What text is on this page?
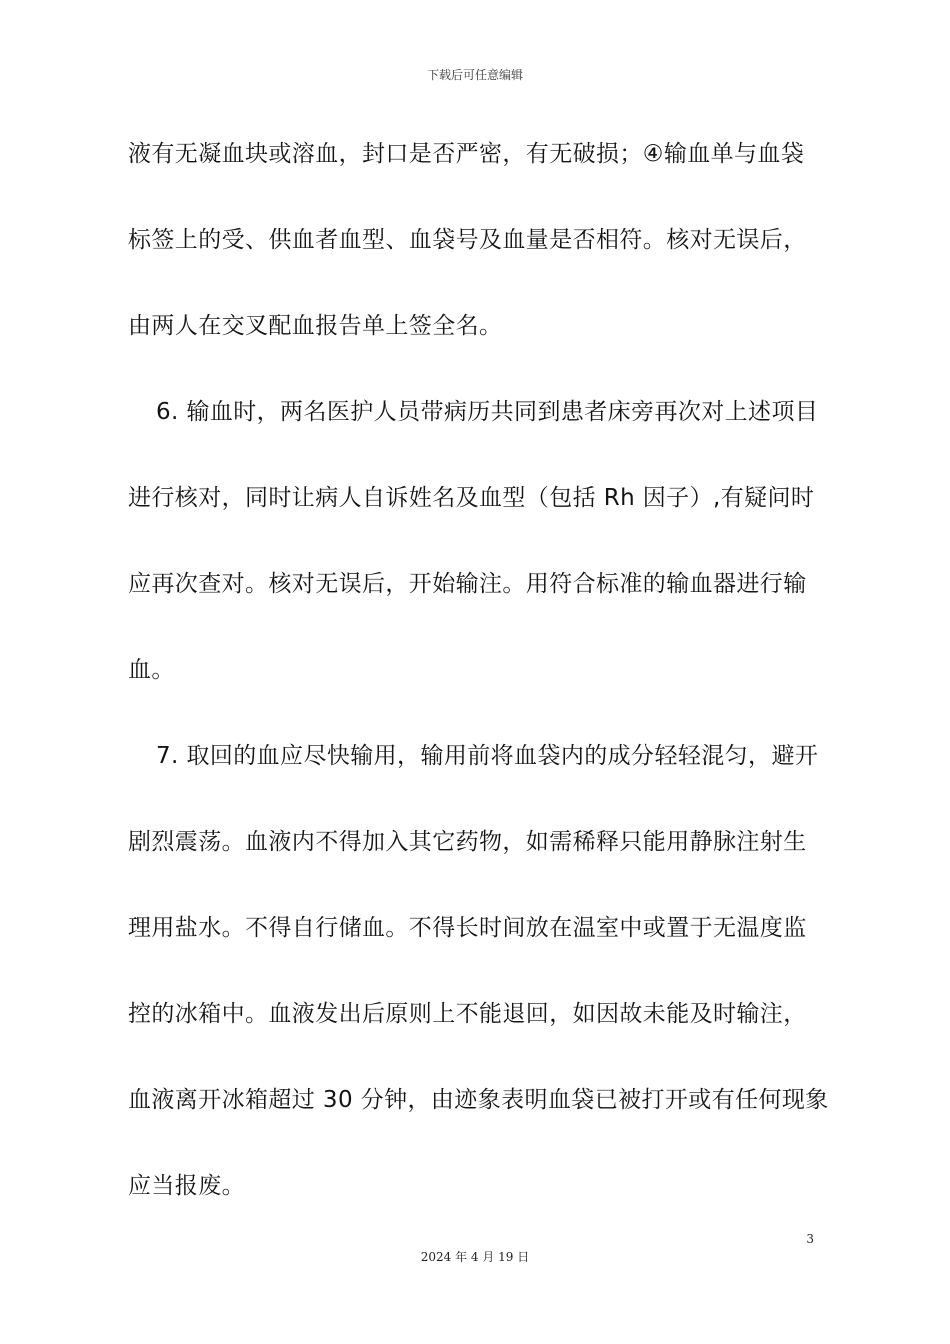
下载后可任意编辑
液有无凝血块或溶血，封口是否严密，有无破损；④输血单与血袋
标签上的受、供血者血型、血袋号及血量是否相符。核对无误后，
由两人在交叉配血报告单上签全名。
6. 输血时，两名医护人员带病历共同到患者床旁再次对上述项目
进行核对，同时让病人自诉姓名及血型（包括 Rh 因子）,有疑问时
应再次查对。核对无误后，开始输注。用符合标准的输血器进行输
血。
7. 取回的血应尽快输用，输用前将血袋内的成分轻轻混匀，避开
剧烈震荡。血液内不得加入其它药物，如需稀释只能用静脉注射生
理用盐水。不得自行储血。不得长时间放在温室中或置于无温度监
控的冰箱中。血液发出后原则上不能退回，如因故未能及时输注，
血液离开冰箱超过 30 分钟，由迹象表明血袋已被打开或有任何现象
应当报废。
3
2024 年 4 月 19 日
